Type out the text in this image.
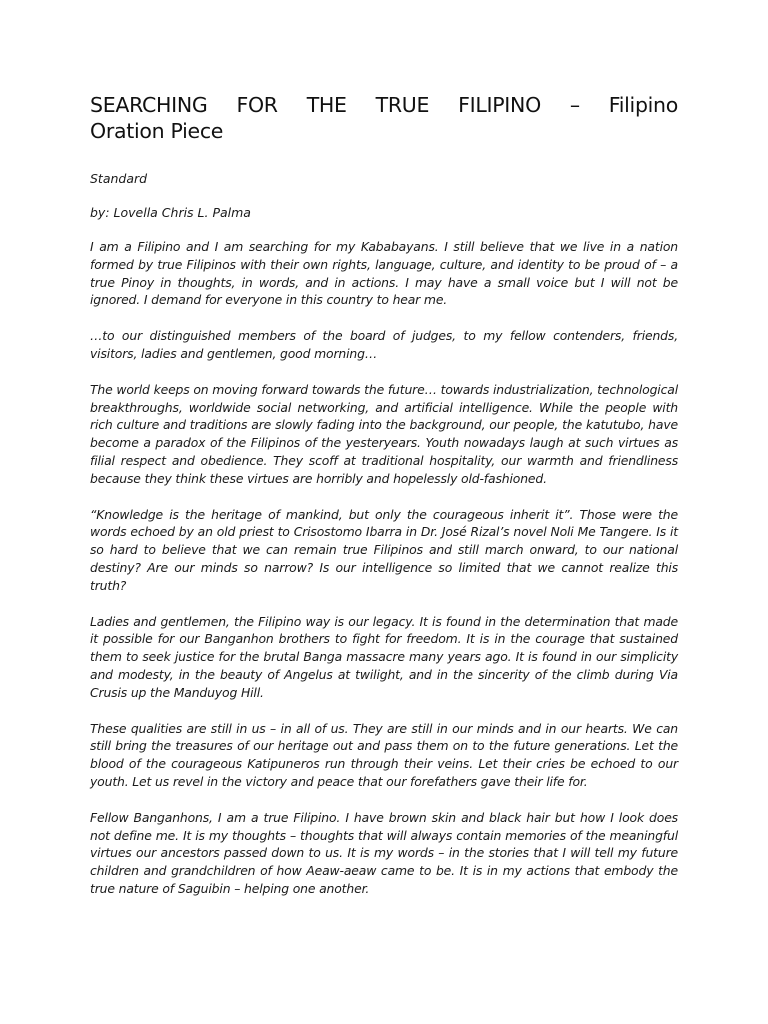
SEARCHING FOR THE TRUE FILIPINO – Filipino
Oration Piece
Standard
by: Lovella Chris L. Palma

I am a Filipino and I am searching for my Kababayans. I still believe that we live in a nation formed by true Filipinos with their own rights, language, culture, and identity to be proud of – a true Pinoy in thoughts, in words, and in actions. I may have a small voice but I will not be ignored. I demand for everyone in this country to hear me.

…to our distinguished members of the board of judges, to my fellow contenders, friends, visitors, ladies and gentlemen, good morning…

The world keeps on moving forward towards the future… towards industrialization, technological breakthroughs, worldwide social networking, and artificial intelligence. While the people with rich culture and traditions are slowly fading into the background, our people, the katutubo, have become a paradox of the Filipinos of the yesteryears. Youth nowadays laugh at such virtues as filial respect and obedience. They scoff at traditional hospitality, our warmth and friendliness because they think these virtues are horribly and hopelessly old-fashioned.

“Knowledge is the heritage of mankind, but only the courageous inherit it”. Those were the words echoed by an old priest to Crisostomo Ibarra in Dr. José Rizal’s novel Noli Me Tangere. Is it so hard to believe that we can remain true Filipinos and still march onward, to our national destiny? Are our minds so narrow? Is our intelligence so limited that we cannot realize this truth?

Ladies and gentlemen, the Filipino way is our legacy. It is found in the determination that made it possible for our Banganhon brothers to fight for freedom. It is in the courage that sustained them to seek justice for the brutal Banga massacre many years ago. It is found in our simplicity and modesty, in the beauty of Angelus at twilight, and in the sincerity of the climb during Via Crusis up the Manduyog Hill.

These qualities are still in us – in all of us. They are still in our minds and in our hearts. We can still bring the treasures of our heritage out and pass them on to the future generations. Let the blood of the courageous Katipuneros run through their veins. Let their cries be echoed to our youth. Let us revel in the victory and peace that our forefathers gave their life for.

Fellow Banganhons, I am a true Filipino. I have brown skin and black hair but how I look does not define me. It is my thoughts – thoughts that will always contain memories of the meaningful virtues our ancestors passed down to us. It is my words – in the stories that I will tell my future children and grandchildren of how Aeaw-aeaw came to be. It is in my actions that embody the true nature of Saguibin – helping one another.
